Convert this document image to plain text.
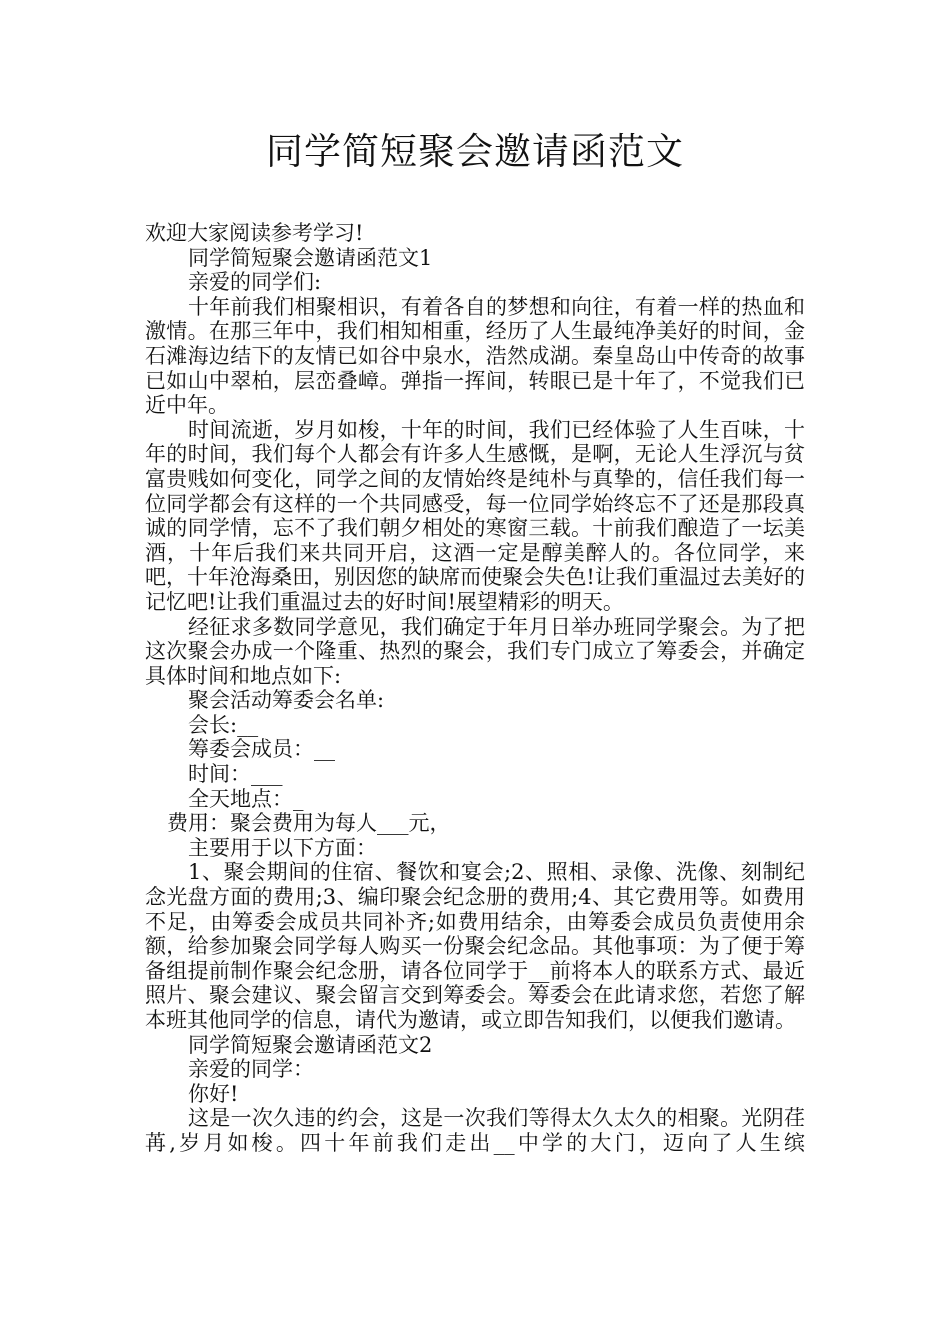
同学简短聚会邀请函范文

欢迎大家阅读参考学习!

同学简短聚会邀请函范文1

亲爱的同学们:

十年前我们相聚相识，有着各自的梦想和向往，有着一样的热血和激情。在那三年中，我们相知相重，经历了人生最纯净美好的时间，金石滩海边结下的友情已如谷中泉水，浩然成湖。秦皇岛山中传奇的故事已如山中翠柏，层峦叠嶂。弹指一挥间，转眼已是十年了，不觉我们已近中年。

时间流逝，岁月如梭，十年的时间，我们已经体验了人生百味，十年的时间，我们每个人都会有许多人生感慨，是啊，无论人生浮沉与贫富贵贱如何变化，同学之间的友情始终是纯朴与真挚的，信任我们每一位同学都会有这样的一个共同感受，每一位同学始终忘不了还是那段真诚的同学情，忘不了我们朝夕相处的寒窗三载。十前我们酿造了一坛美酒，十年后我们来共同开启，这酒一定是醇美醉人的。各位同学，来吧，十年沧海桑田，别因您的缺席而使聚会失色!让我们重温过去美好的记忆吧!让我们重温过去的好时间!展望精彩的明天。

经征求多数同学意见，我们确定于年月日举办班同学聚会。为了把这次聚会办成一个隆重、热烈的聚会，我们专门成立了筹委会，并确定具体时间和地点如下:

聚会活动筹委会名单:

会长:__

筹委会成员：__

时间：___

全天地点：_

费用：聚会费用为每人___元，

主要用于以下方面：

1、聚会期间的住宿、餐饮和宴会;2、照相、录像、洗像、刻制纪念光盘方面的费用;3、编印聚会纪念册的费用;4、其它费用等。如费用不足，由筹委会成员共同补齐;如费用结余，由筹委会成员负责使用余额，给参加聚会同学每人购买一份聚会纪念品。其他事项：为了便于筹备组提前制作聚会纪念册，请各位同学于__前将本人的联系方式、最近照片、聚会建议、聚会留言交到筹委会。筹委会在此请求您，若您了解本班其他同学的信息，请代为邀请，或立即告知我们，以便我们邀请。

同学简短聚会邀请函范文2

亲爱的同学：

你好!

这是一次久违的约会，这是一次我们等得太久太久的相聚。光阴荏苒,岁月如梭。四十年前我们走出__中学的大门，迈向了人生缤
